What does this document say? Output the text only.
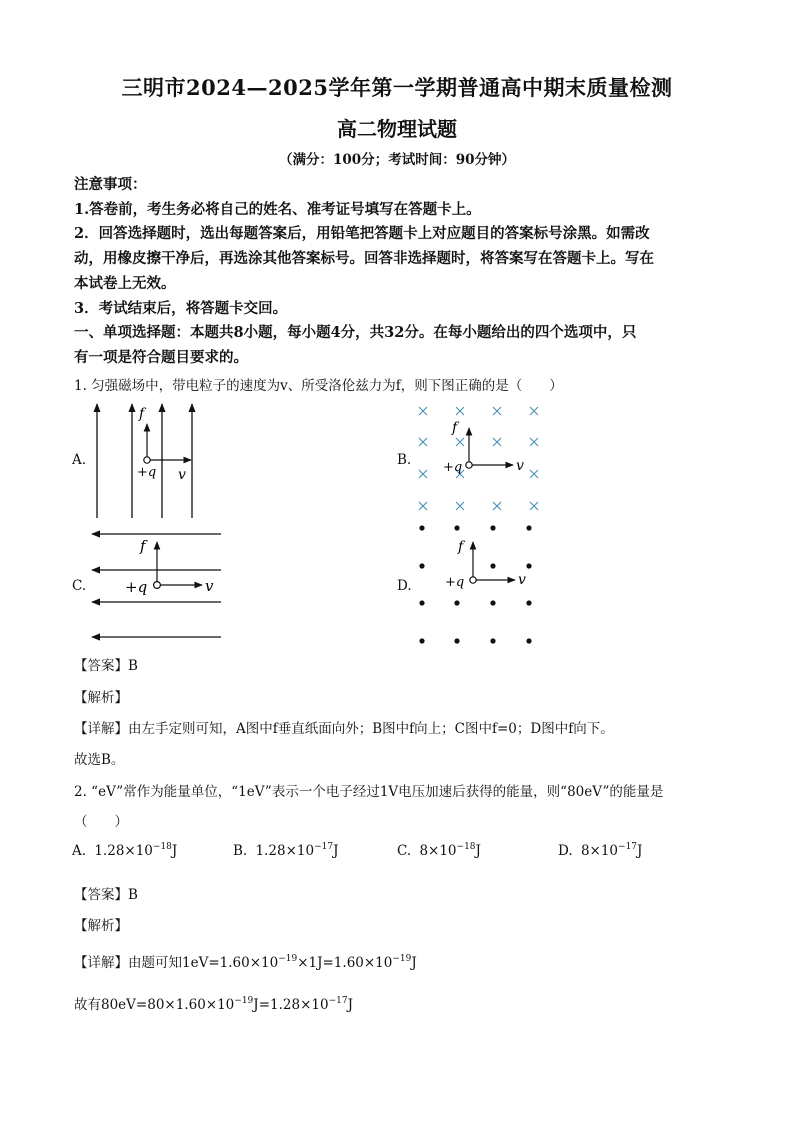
三明市2024—2025学年第一学期普通高中期末质量检测
高二物理试题
（满分：100分；考试时间：90分钟）
注意事项：
1.答卷前，考生务必将自己的姓名、准考证号填写在答题卡上。
2．回答选择题时，选出每题答案后，用铅笔把答题卡上对应题目的答案标号涂黑。如需改
动，用橡皮擦干净后，再选涂其他答案标号。回答非选择题时，将答案写在答题卡上。写在
本试卷上无效。
3．考试结束后，将答题卡交回。
一、单项选择题：本题共8小题，每小题4分，共32分。在每小题给出的四个选项中，只
有一项是符合题目要求的。
1. 匀强磁场中，带电粒子的速度为v、所受洛伦兹力为f，则下图正确的是（　　）
A.
f
v
+q
B.
f
v
+q
C.
f
v
+q	D.
f
v
+q
【答案】B
【解析】
【详解】由左手定则可知，A图中f垂直纸面向外；B图中f向上；C图中f=0；D图中f向下。
故选B。
2. “eV”常作为能量单位，“1eV”表示一个电子经过1V电压加速后获得的能量，则“80eV”的能量是
（　　）
A. $1.28\times 10^{-18}J$	B. $1.28\times 10^{-17}J$	C. $8\times 10^{-18}J$	D. $8\times 10^{-17}J$
【答案】B
【解析】
【详解】由题可知$1eV=1.60\times 10^{-19}\times 1J=1.60\times 10^{-19}J$
故有$80eV=80\times 1.60\times 10^{-19}J=1.28\times 10^{-17}J$
